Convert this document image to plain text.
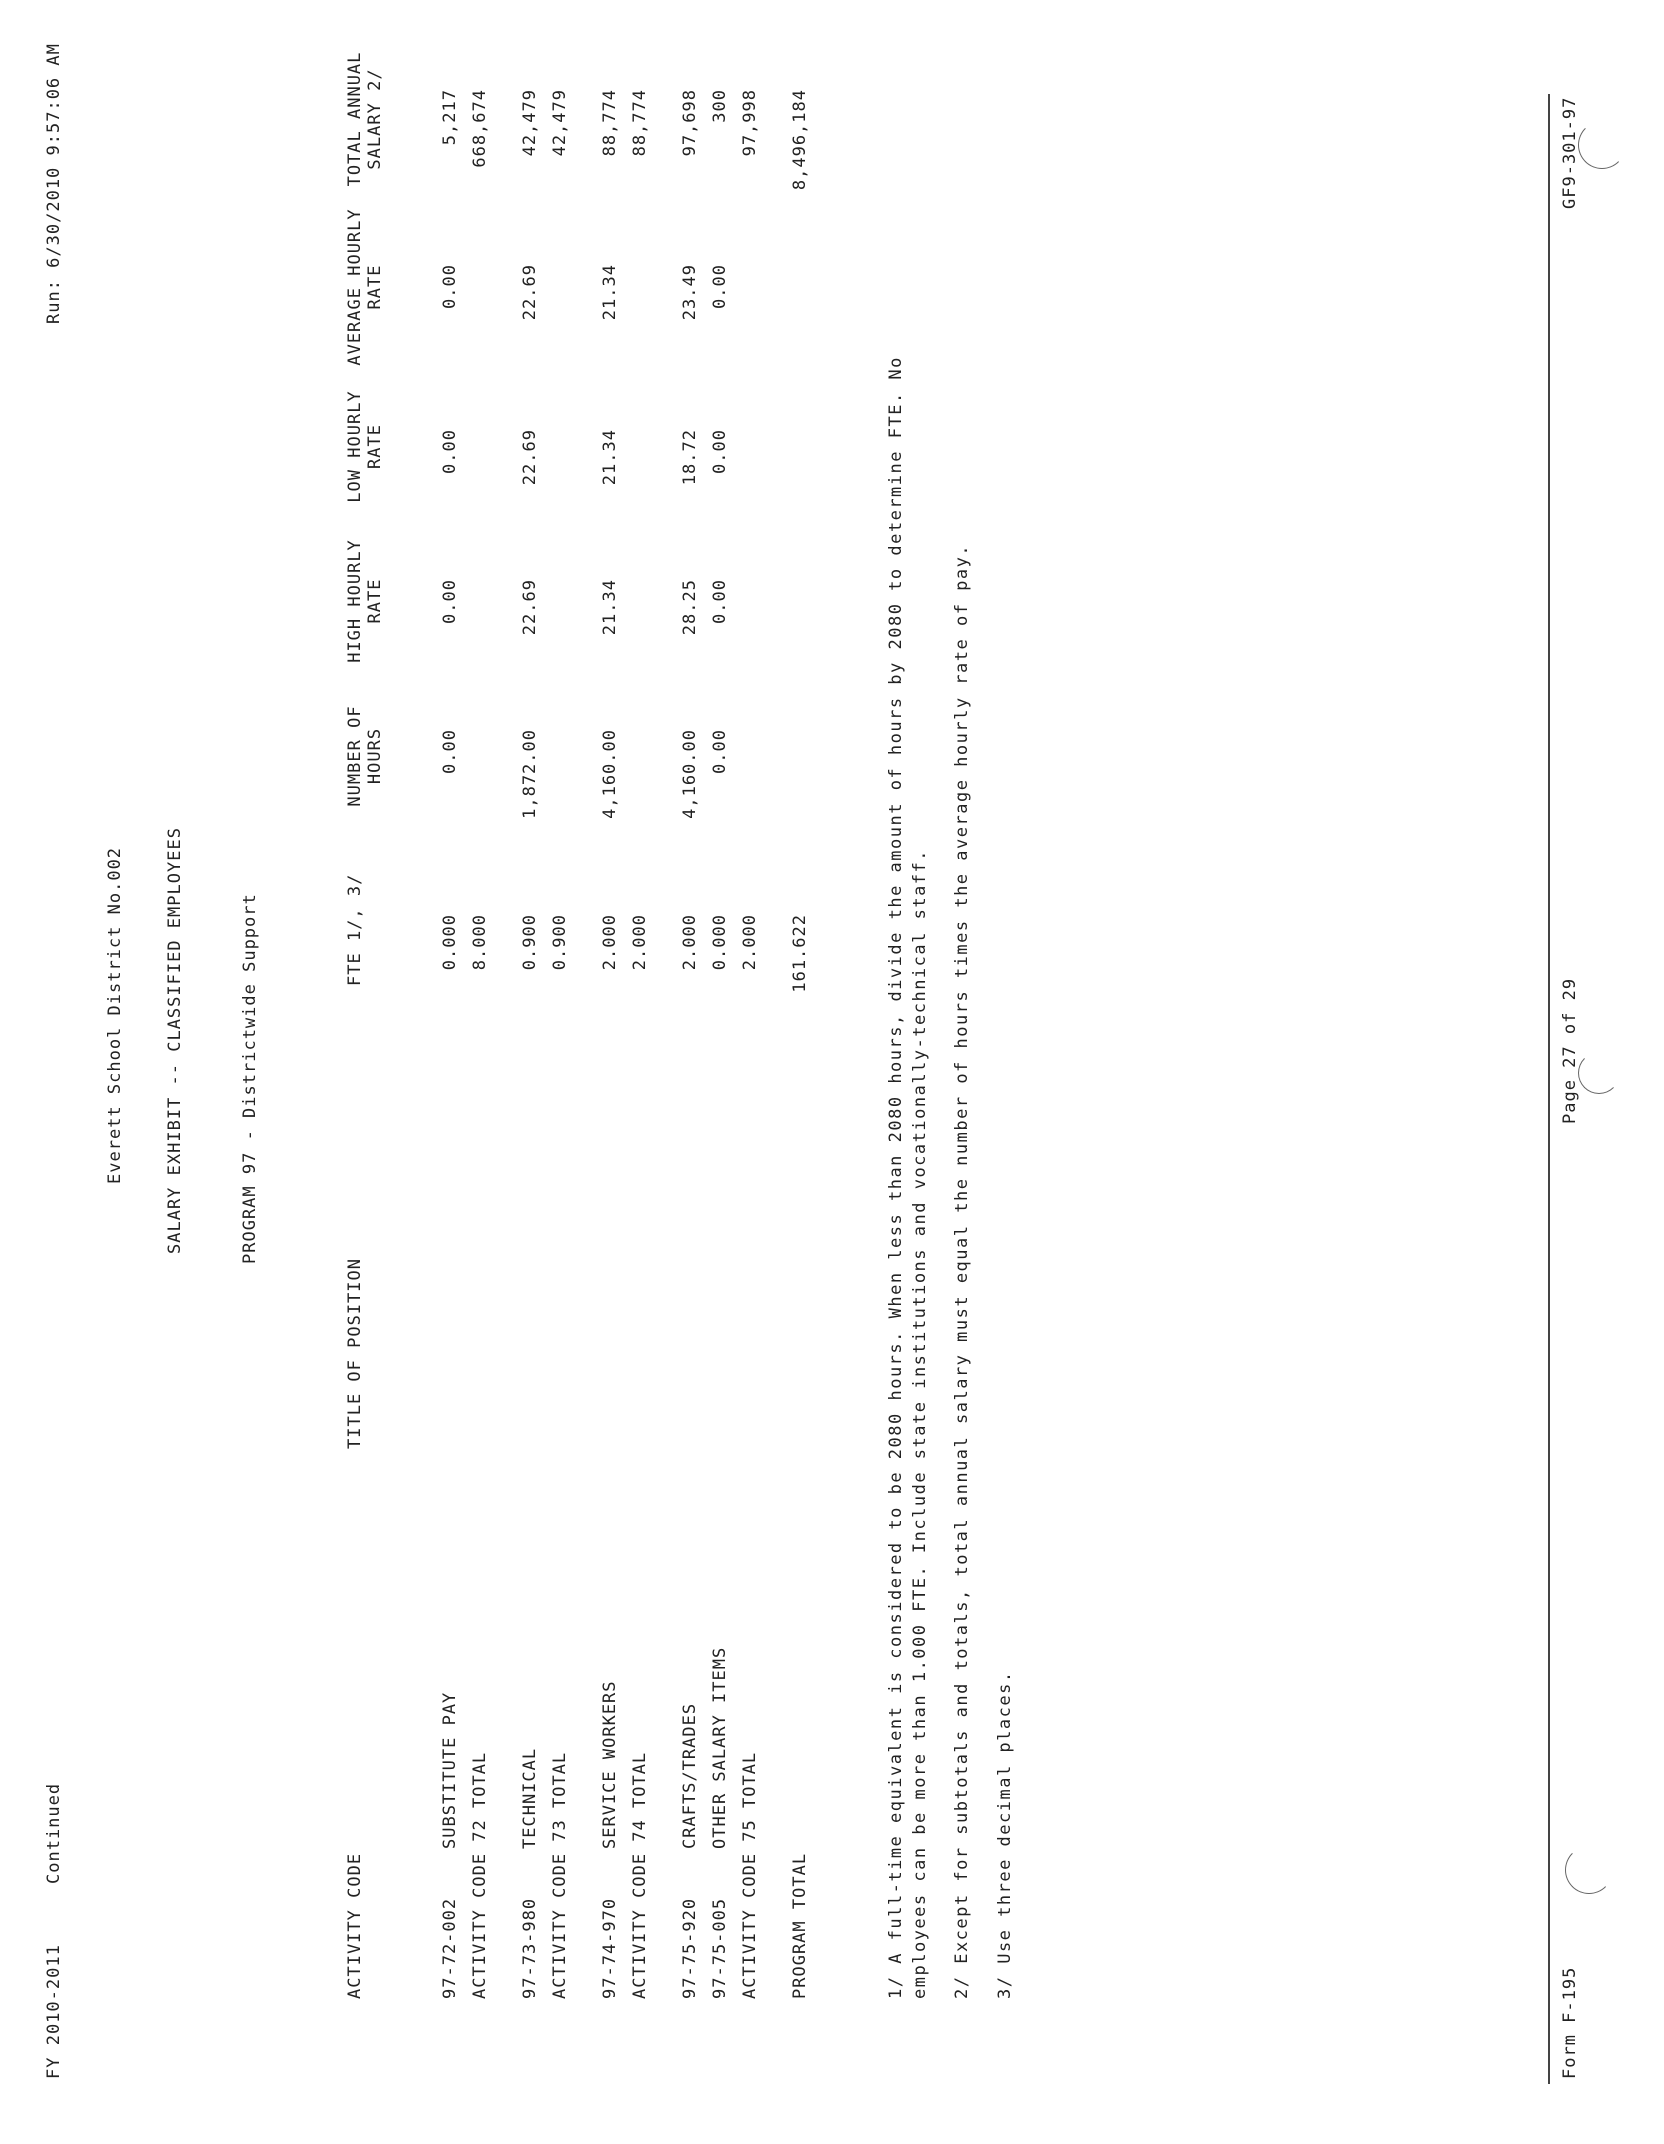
FY 2010-2011
Continued
Run: 6/30/2010 9:57:06 AM
Everett School District No.002 SALARY EXHIBIT -- CLASSIFIED EMPLOYEES	PROGRAM 97 - Districtwide Support
ACTIVITY CODE
TITLE OF POSITION
FTE 1/, 3/
NUMBER OF HOURS
HIGH HOURLY RATE
LOW HOURLY RATE
AVERAGE HOURLY RATE
TOTAL ANNUAL SALARY 2/
97-72-002
SUBSTITUTE PAY
0.000
0.00
0.00
0.00
0.00
5,217
ACTIVITY CODE 72 TOTAL
8.000
668,674
97-73-980
TECHNICAL
0.900
1,872.00
22.69
22.69
22.69
42,479
ACTIVITY CODE 73 TOTAL
0.900
42,479
97-74-970
SERVICE WORKERS
2.000
4,160.00
21.34
21.34
21.34
88,774
ACTIVITY CODE 74 TOTAL
2.000
88,774
97-75-920
CRAFTS/TRADES
2.000
4,160.00
28.25
18.72
23.49
97,698
97-75-005
OTHER SALARY ITEMS
0.000
0.00
0.00
0.00
0.00
300
ACTIVITY CODE 75 TOTAL
2.000
97,998
PROGRAM TOTAL
161.622
8,496,184
1/ A full-time equivalent is considered to be 2080 hours. When less than 2080 hours, divide the amount of hours by 2080 to determine FTE. No employees can be more than 1.000 FTE. Include state institutions and vocationally-technical staff. 2/ Except for subtotals and totals, total annual salary must equal the number of hours times the average hourly rate of pay. 3/ Use three decimal places.
Form F-195
Page 27 of 29
GF9-301-97
